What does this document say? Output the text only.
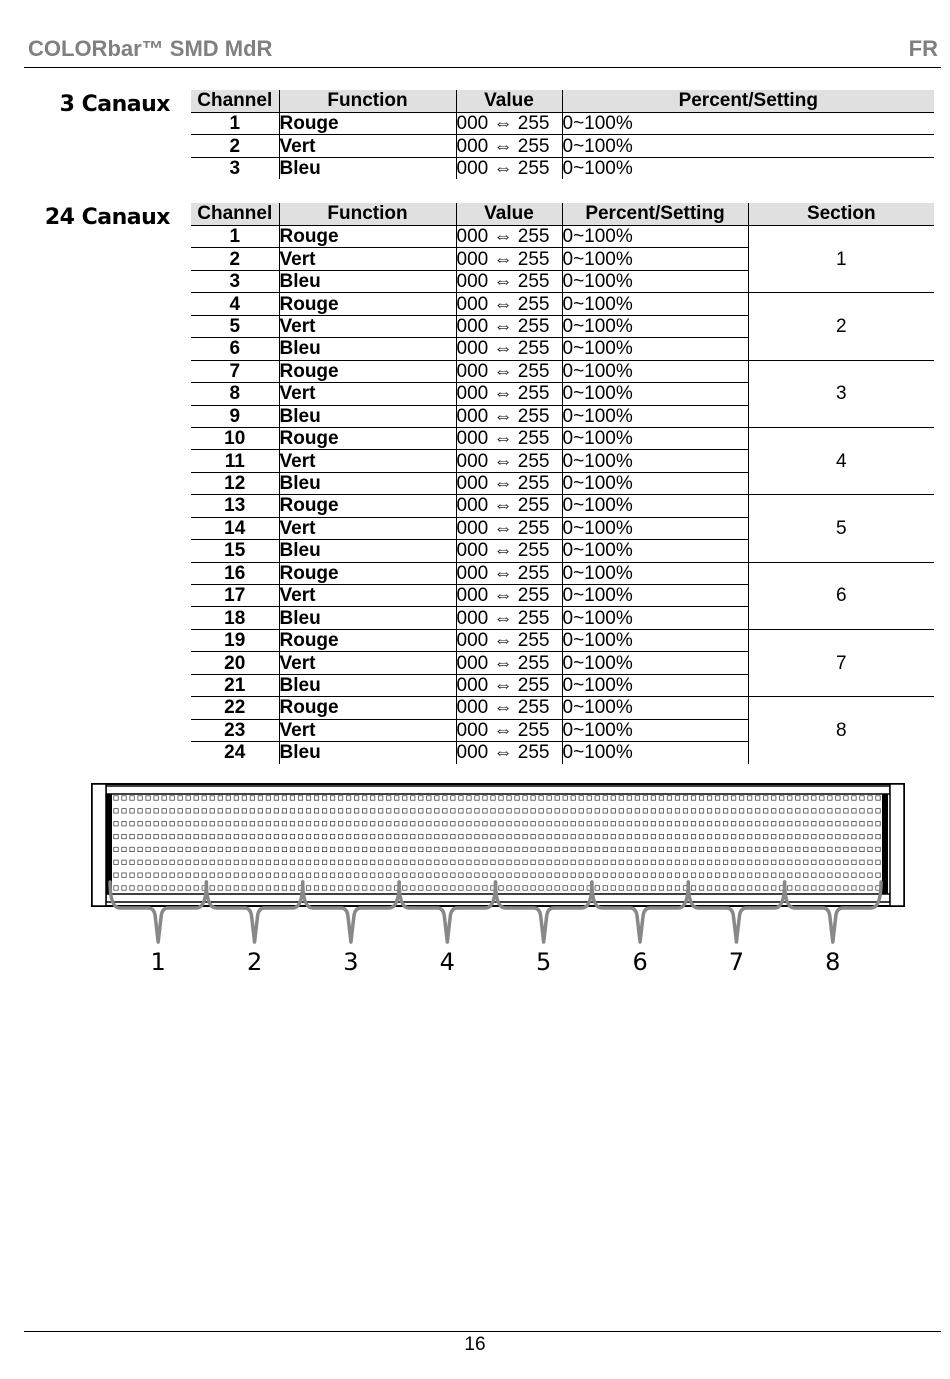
COLORbar™ SMD MdR	FR
3 Canaux Channel	Function	Value	Percent/Setting
1	Rouge	000 ⇔ 255	0~100%
2	Vert	000 ⇔ 255	0~100%
3	Bleu	000 ⇔ 255	0~100%
24 Canaux Channel	Function	Value	Percent/Setting	Section
1	Rouge	000 ⇔ 255	0~100%	1
2	Vert	000 ⇔ 255	0~100%	
3	Bleu	000 ⇔ 255	0~100%	
4	Rouge	000 ⇔ 255	0~100%	2
5	Vert	000 ⇔ 255	0~100%	
6	Bleu	000 ⇔ 255	0~100%	
7	Rouge	000 ⇔ 255	0~100%	3
8	Vert	000 ⇔ 255	0~100%	
9	Bleu	000 ⇔ 255	0~100%	
10	Rouge	000 ⇔ 255	0~100%	4
11	Vert	000 ⇔ 255	0~100%	
12	Bleu	000 ⇔ 255	0~100%	
13	Rouge	000 ⇔ 255	0~100%	5
14	Vert	000 ⇔ 255	0~100%	
15	Bleu	000 ⇔ 255	0~100%	
16	Rouge	000 ⇔ 255	0~100%	6
17	Vert	000 ⇔ 255	0~100%	
18	Bleu	000 ⇔ 255	0~100%	
19	Rouge	000 ⇔ 255	0~100%	7
20	Vert	000 ⇔ 255	0~100%	
21	Bleu	000 ⇔ 255	0~100%	
22	Rouge	000 ⇔ 255	0~100%	8
23	Vert	000 ⇔ 255	0~100%	
24	Bleu	000 ⇔ 255	0~100%	
1	2	3	4	5	6	7	8
16
